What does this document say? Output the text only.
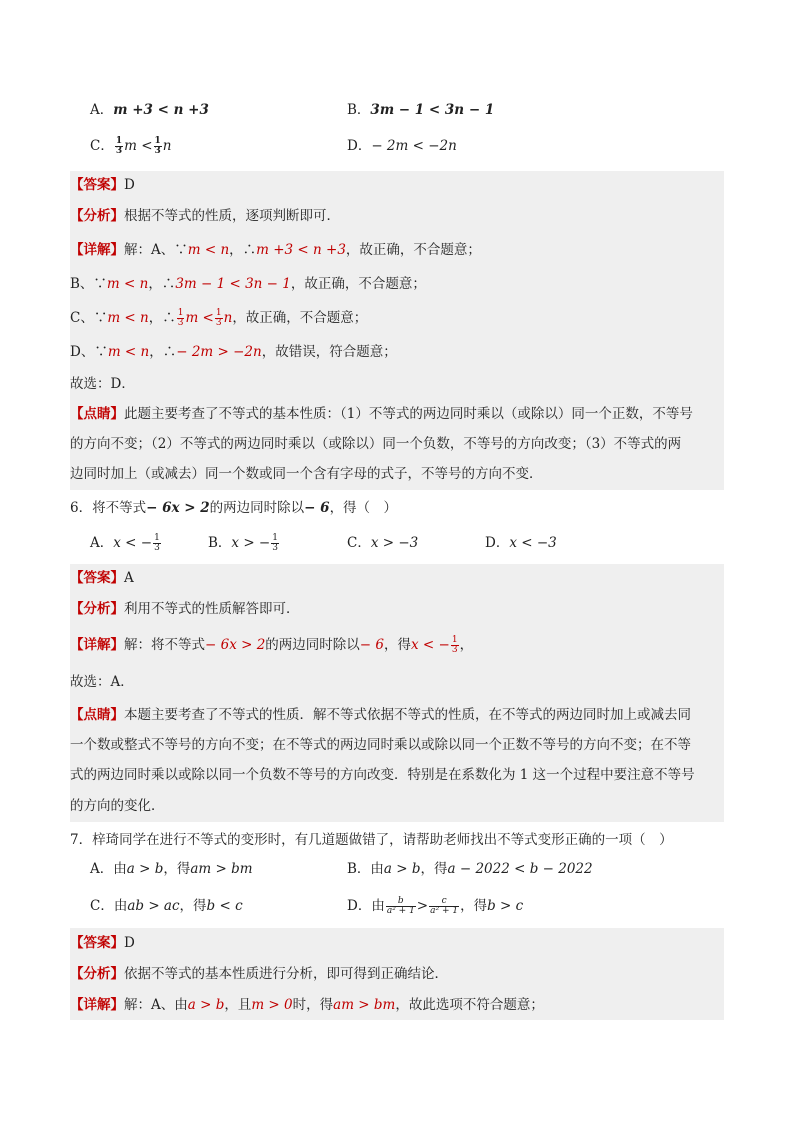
A．m +3 < n +3	B．3m − 1 < 3n − 1
C． $\frac{1}{3}$ $m < \frac{1}{3}$ n	D．− 2m < −2n
【答案】D
【分析】根据不等式的性质，逐项判断即可．
【详解】解：A、∵m < n，∴m +3 < n +3，故正确，不合题意；
B、∵m < n，∴3m − 1 < 3n − 1，故正确，不合题意；
C、∵m < n，∴ $\frac{1}{3}$ $m < \frac{1}{3}$ n，故正确，不合题意；
D、∵m < n，∴− 2m > −2n，故错误，符合题意；
故选：D．
【点睛】此题主要考查了不等式的基本性质：（1）不等式的两边同时乘以（或除以）同一个正数，不等号
的方向不变；（2）不等式的两边同时乘以（或除以）同一个负数，不等号的方向改变；（3）不等式的两
边同时加上（或减去）同一个数或同一个含有字母的式子，不等号的方向不变．
6．将不等式− 6x > 2的两边同时除以− 6，得（　）
A．x < − $\frac{1}{3}$	B．x > − $\frac{1}{3}$	C．x > −3	D．x < −3
【答案】A
【分析】利用不等式的性质解答即可．
【详解】解：将不等式− 6x > 2的两边同时除以− 6，得x < − $\frac{1}{3}$ ，
故选：A．
【点睛】本题主要考查了不等式的性质．解不等式依据不等式的性质，在不等式的两边同时加上或减去同
一个数或整式不等号的方向不变；在不等式的两边同时乘以或除以同一个正数不等号的方向不变；在不等
式的两边同时乘以或除以同一个负数不等号的方向改变．特别是在系数化为 1 这一个过程中要注意不等号
的方向的变化．
7．梓琦同学在进行不等式的变形时，有几道题做错了，请帮助老师找出不等式变形正确的一项（　）
A．由a > b，得am > bm	B．由a > b，得a − 2022 < b − 2022
C．由ab > ac，得b < c	D．由 $\frac{b}{\text{a² + 1}} > \frac{c}{\text{a² + 1}}$ ，得b > c
【答案】D
【分析】依据不等式的基本性质进行分析，即可得到正确结论．
【详解】解：A、由a > b，且m > 0时，得am > bm，故此选项不符合题意；
